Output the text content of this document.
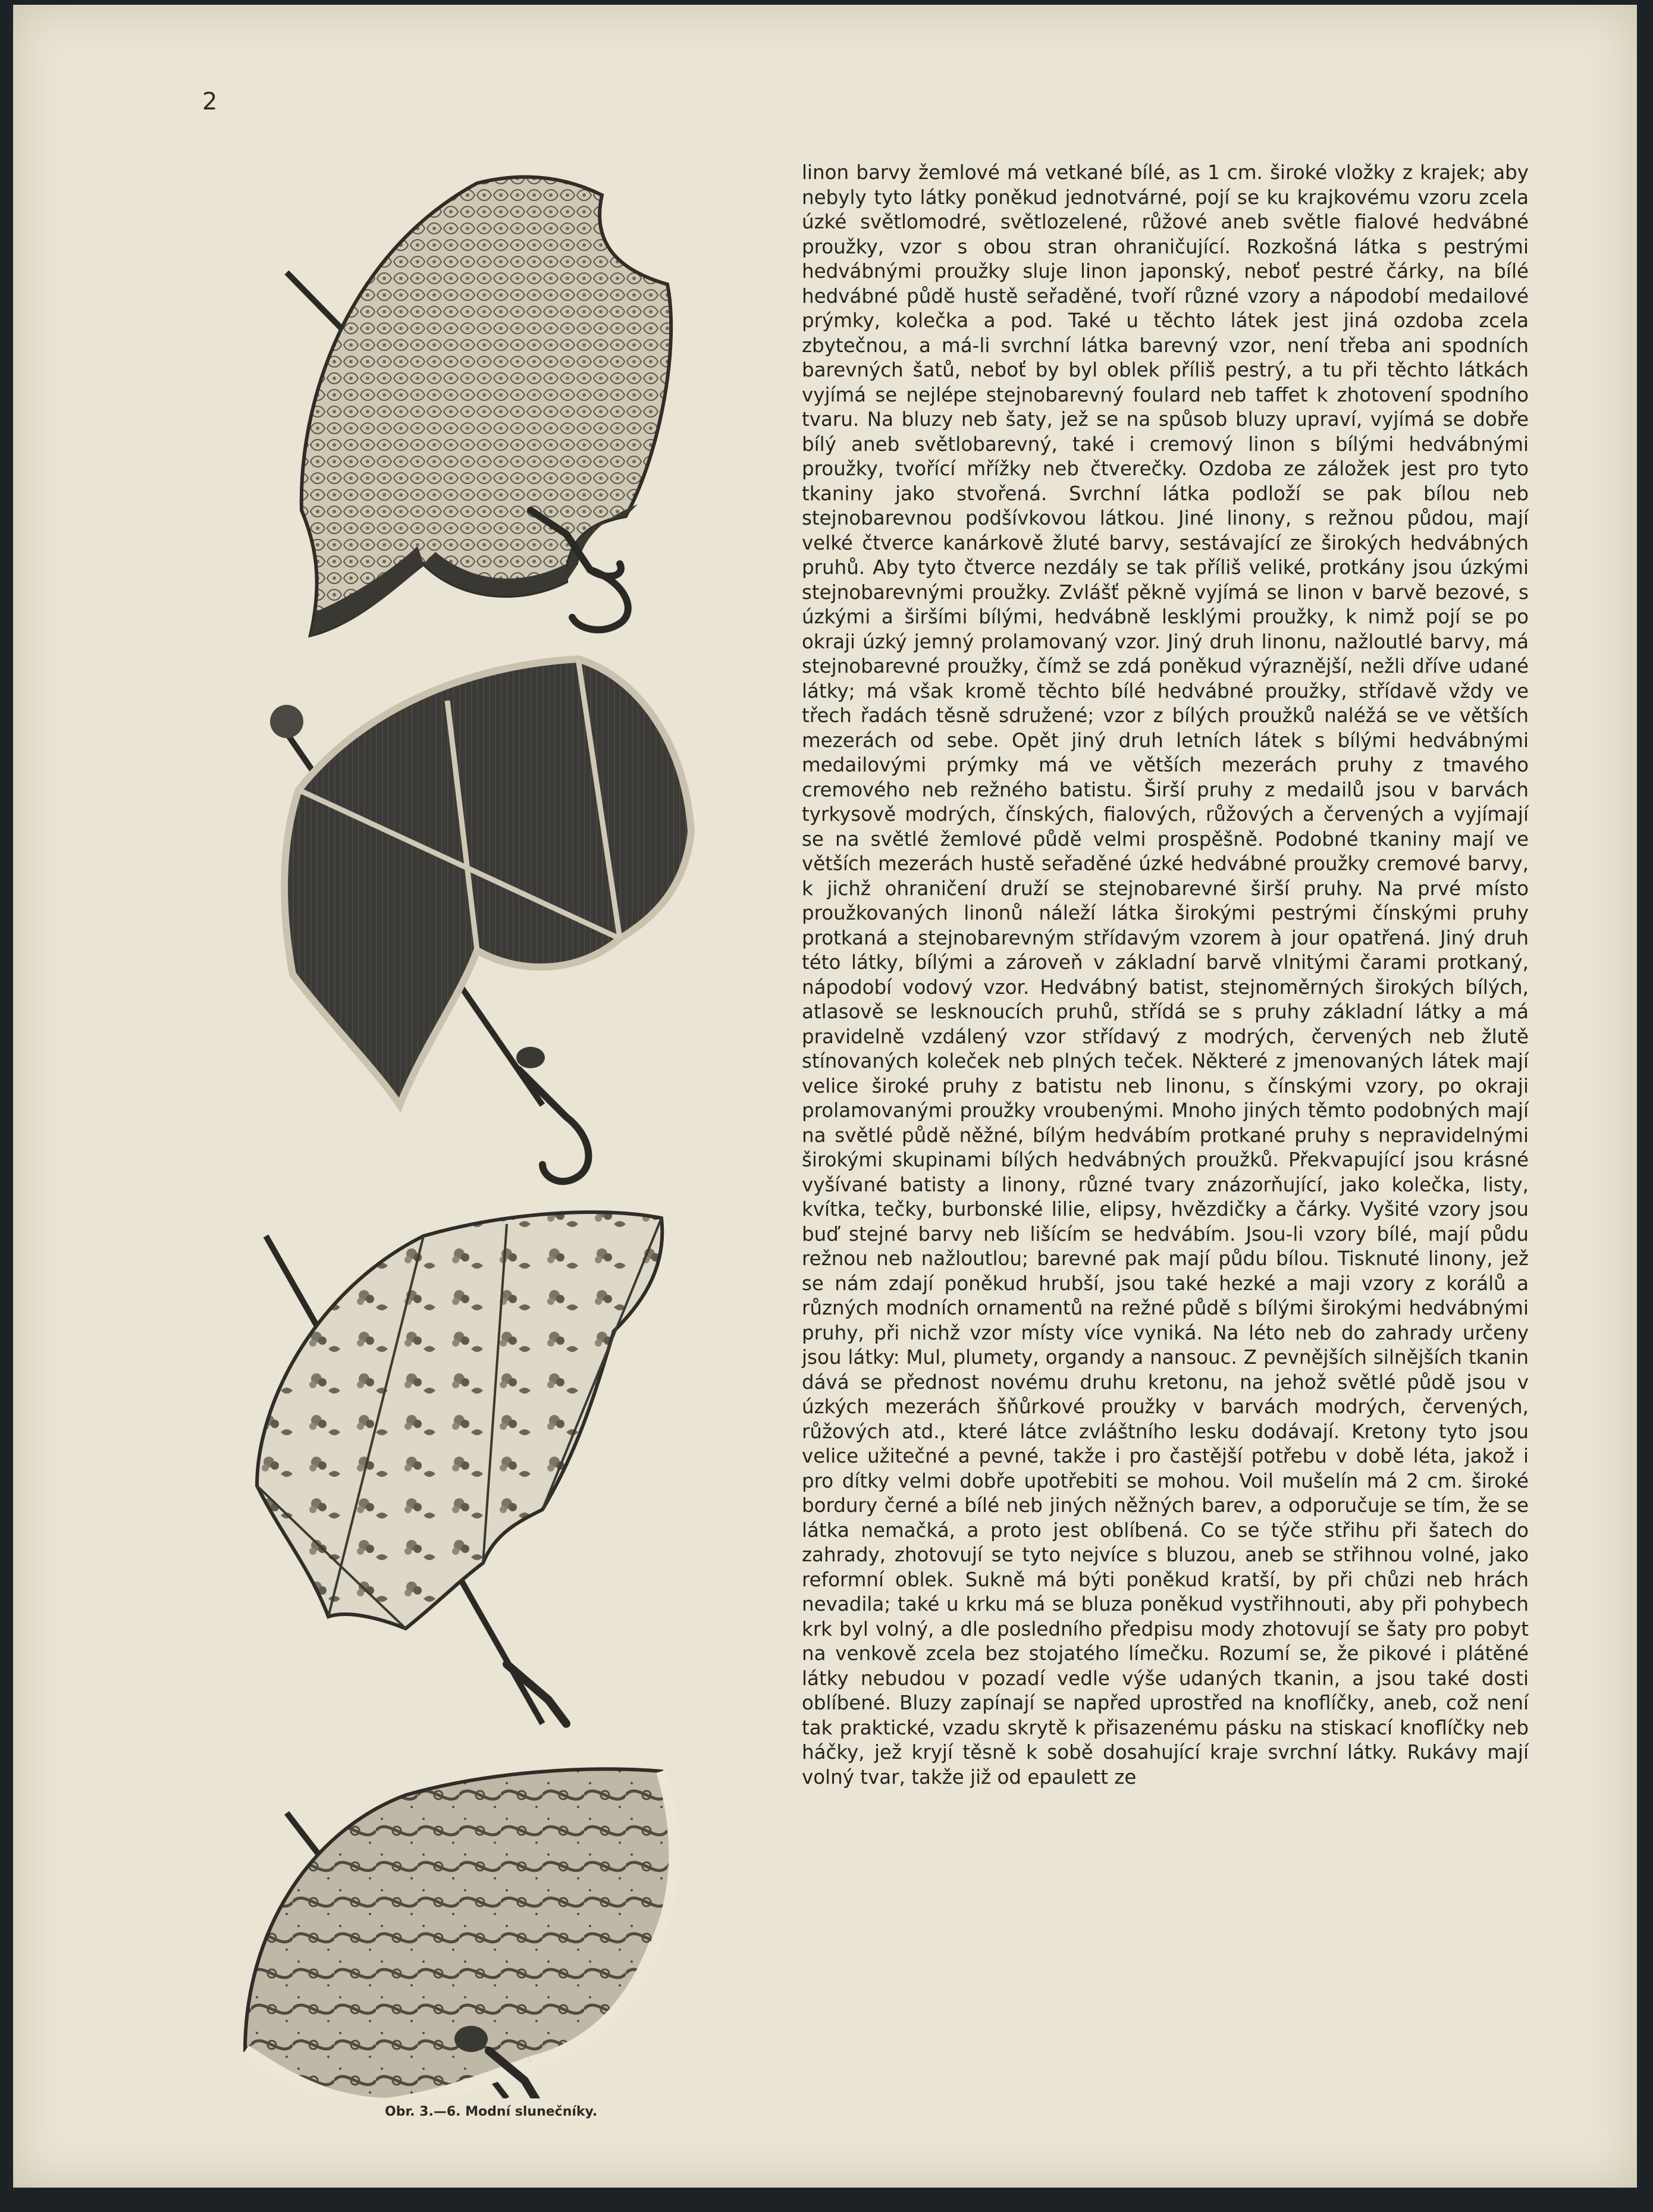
2
Obr. 3.—6. Modní slunečníky.

linon barvy žemlové má vetkané bílé, as 1 cm. široké vložky z krajek; aby nebyly tyto látky poněkud jednotvárné, pojí se ku krajkovému vzoru zcela úzké světlomodré, světlozelené, růžové aneb světle fialové hedvábné proužky, vzor s obou stran ohraničující. Rozkošná látka s pestrými hedvábnými proužky sluje linon japonský, neboť pestré čárky, na bílé hedvábné půdě hustě seřaděné, tvoří různé vzory a nápodobí medailové prýmky, kolečka a pod. Také u těchto látek jest jiná ozdoba zcela zbytečnou, a má-li svrchní látka barevný vzor, není třeba ani spodních barevných šatů, neboť by byl oblek příliš pestrý, a tu při těchto látkách vyjímá se nejlépe stejnobarevný foulard neb taffet k zhotovení spodního tvaru. Na bluzy neb šaty, jež se na spůsob bluzy upraví, vyjímá se dobře bílý aneb světlobarevný, také i cremový linon s bílými hedvábnými proužky, tvořící mřížky neb čtverečky. Ozdoba ze záložek jest pro tyto tkaniny jako stvořená. Svrchní látka podloží se pak bílou neb stejnobarevnou podšívkovou látkou. Jiné linony, s režnou půdou, mají velké čtverce kanárkově žluté barvy, sestávající ze širokých hedvábných pruhů. Aby tyto čtverce nezdály se tak příliš veliké, protkány jsou úzkými stejnobarevnými proužky. Zvlášť pěkně vyjímá se linon v barvě bezové, s úzkými a širšími bílými, hedvábně lesklými proužky, k nimž pojí se po okraji úzký jemný prolamovaný vzor. Jiný druh linonu, nažloutlé barvy, má stejnobarevné proužky, čímž se zdá poněkud výraznější, nežli dříve udané látky; má však kromě těchto bílé hedvábné proužky, střídavě vždy ve třech řadách těsně sdružené; vzor z bílých proužků naléžá se ve větších mezerách od sebe. Opět jiný druh letních látek s bílými hedvábnými medailovými prýmky má ve větších mezerách pruhy z tmavého cremového neb režného batistu. Širší pruhy z medailů jsou v barvách tyrkysově modrých, čínských, fialových, růžových a červených a vyjímají se na světlé žemlové půdě velmi prospěšně. Podobné tkaniny mají ve větších mezerách hustě seřaděné úzké hedvábné proužky cremové barvy, k jichž ohraničení druží se stejnobarevné širší pruhy. Na prvé místo proužkovaných linonů náleží látka širokými pestrými čínskými pruhy protkaná a stejnobarevným střídavým vzorem à jour opatřená. Jiný druh této látky, bílými a zároveň v základní barvě vlnitými čarami protkaný, nápodobí vodový vzor. Hedvábný batist, stejnoměrných širokých bílých, atlasově se lesknoucích pruhů, střídá se s pruhy základní látky a má pravidelně vzdálený vzor střídavý z modrých, červených neb žlutě stínovaných koleček neb plných teček. Některé z jmenovaných látek mají velice široké pruhy z batistu neb linonu, s čínskými vzory, po okraji prolamovanými proužky vroubenými. Mnoho jiných těmto podobných mají na světlé půdě něžné, bílým hedvábím protkané pruhy s nepravidelnými širokými skupinami bílých hedvábných proužků. Překvapující jsou krásné vyšívané batisty a linony, různé tvary znázorňující, jako kolečka, listy, kvítka, tečky, burbonské lilie, elipsy, hvězdičky a čárky. Vyšité vzory jsou buď stejné barvy neb lišícím se hedvábím. Jsou-li vzory bílé, mají půdu režnou neb nažloutlou; barevné pak mají půdu bílou. Tisknuté linony, jež se nám zdají poněkud hrubší, jsou také hezké a maji vzory z korálů a různých modních ornamentů na režné půdě s bílými širokými hedvábnými pruhy, při nichž vzor místy více vyniká. Na léto neb do zahrady určeny jsou látky: Mul, plumety, organdy a nansouc. Z pevnějších silnějších tkanin dává se přednost novému druhu kretonu, na jehož světlé půdě jsou v úzkých mezerách šňůrkové proužky v barvách modrých, červených, růžových atd., které látce zvláštního lesku dodávají. Kretony tyto jsou velice užitečné a pevné, takže i pro častější potřebu v době léta, jakož i pro dítky velmi dobře upotřebiti se mohou. Voil mušelín má 2 cm. široké bordury černé a bílé neb jiných něžných barev, a odporučuje se tím, že se látka nemačká, a proto jest oblíbená. Co se týče střihu při šatech do zahrady, zhotovují se tyto nejvíce s bluzou, aneb se střihnou volné, jako reformní oblek. Sukně má býti poněkud kratší, by při chůzi neb hrách nevadila; také u krku má se bluza poněkud vystřihnouti, aby při pohybech krk byl volný, a dle posledního předpisu mody zhotovují se šaty pro pobyt na venkově zcela bez stojatého límečku. Rozumí se, že pikové i plátěné látky nebudou v pozadí vedle výše udaných tkanin, a jsou také dosti oblíbené. Bluzy zapínají se napřed uprostřed na knoflíčky, aneb, což není tak praktické, vzadu skrytě k přisazenému pásku na stiskací knoflíčky neb háčky, jež kryjí těsně k sobě dosahující kraje svrchní látky. Rukávy mají volný tvar, takže již od epaulett ze
